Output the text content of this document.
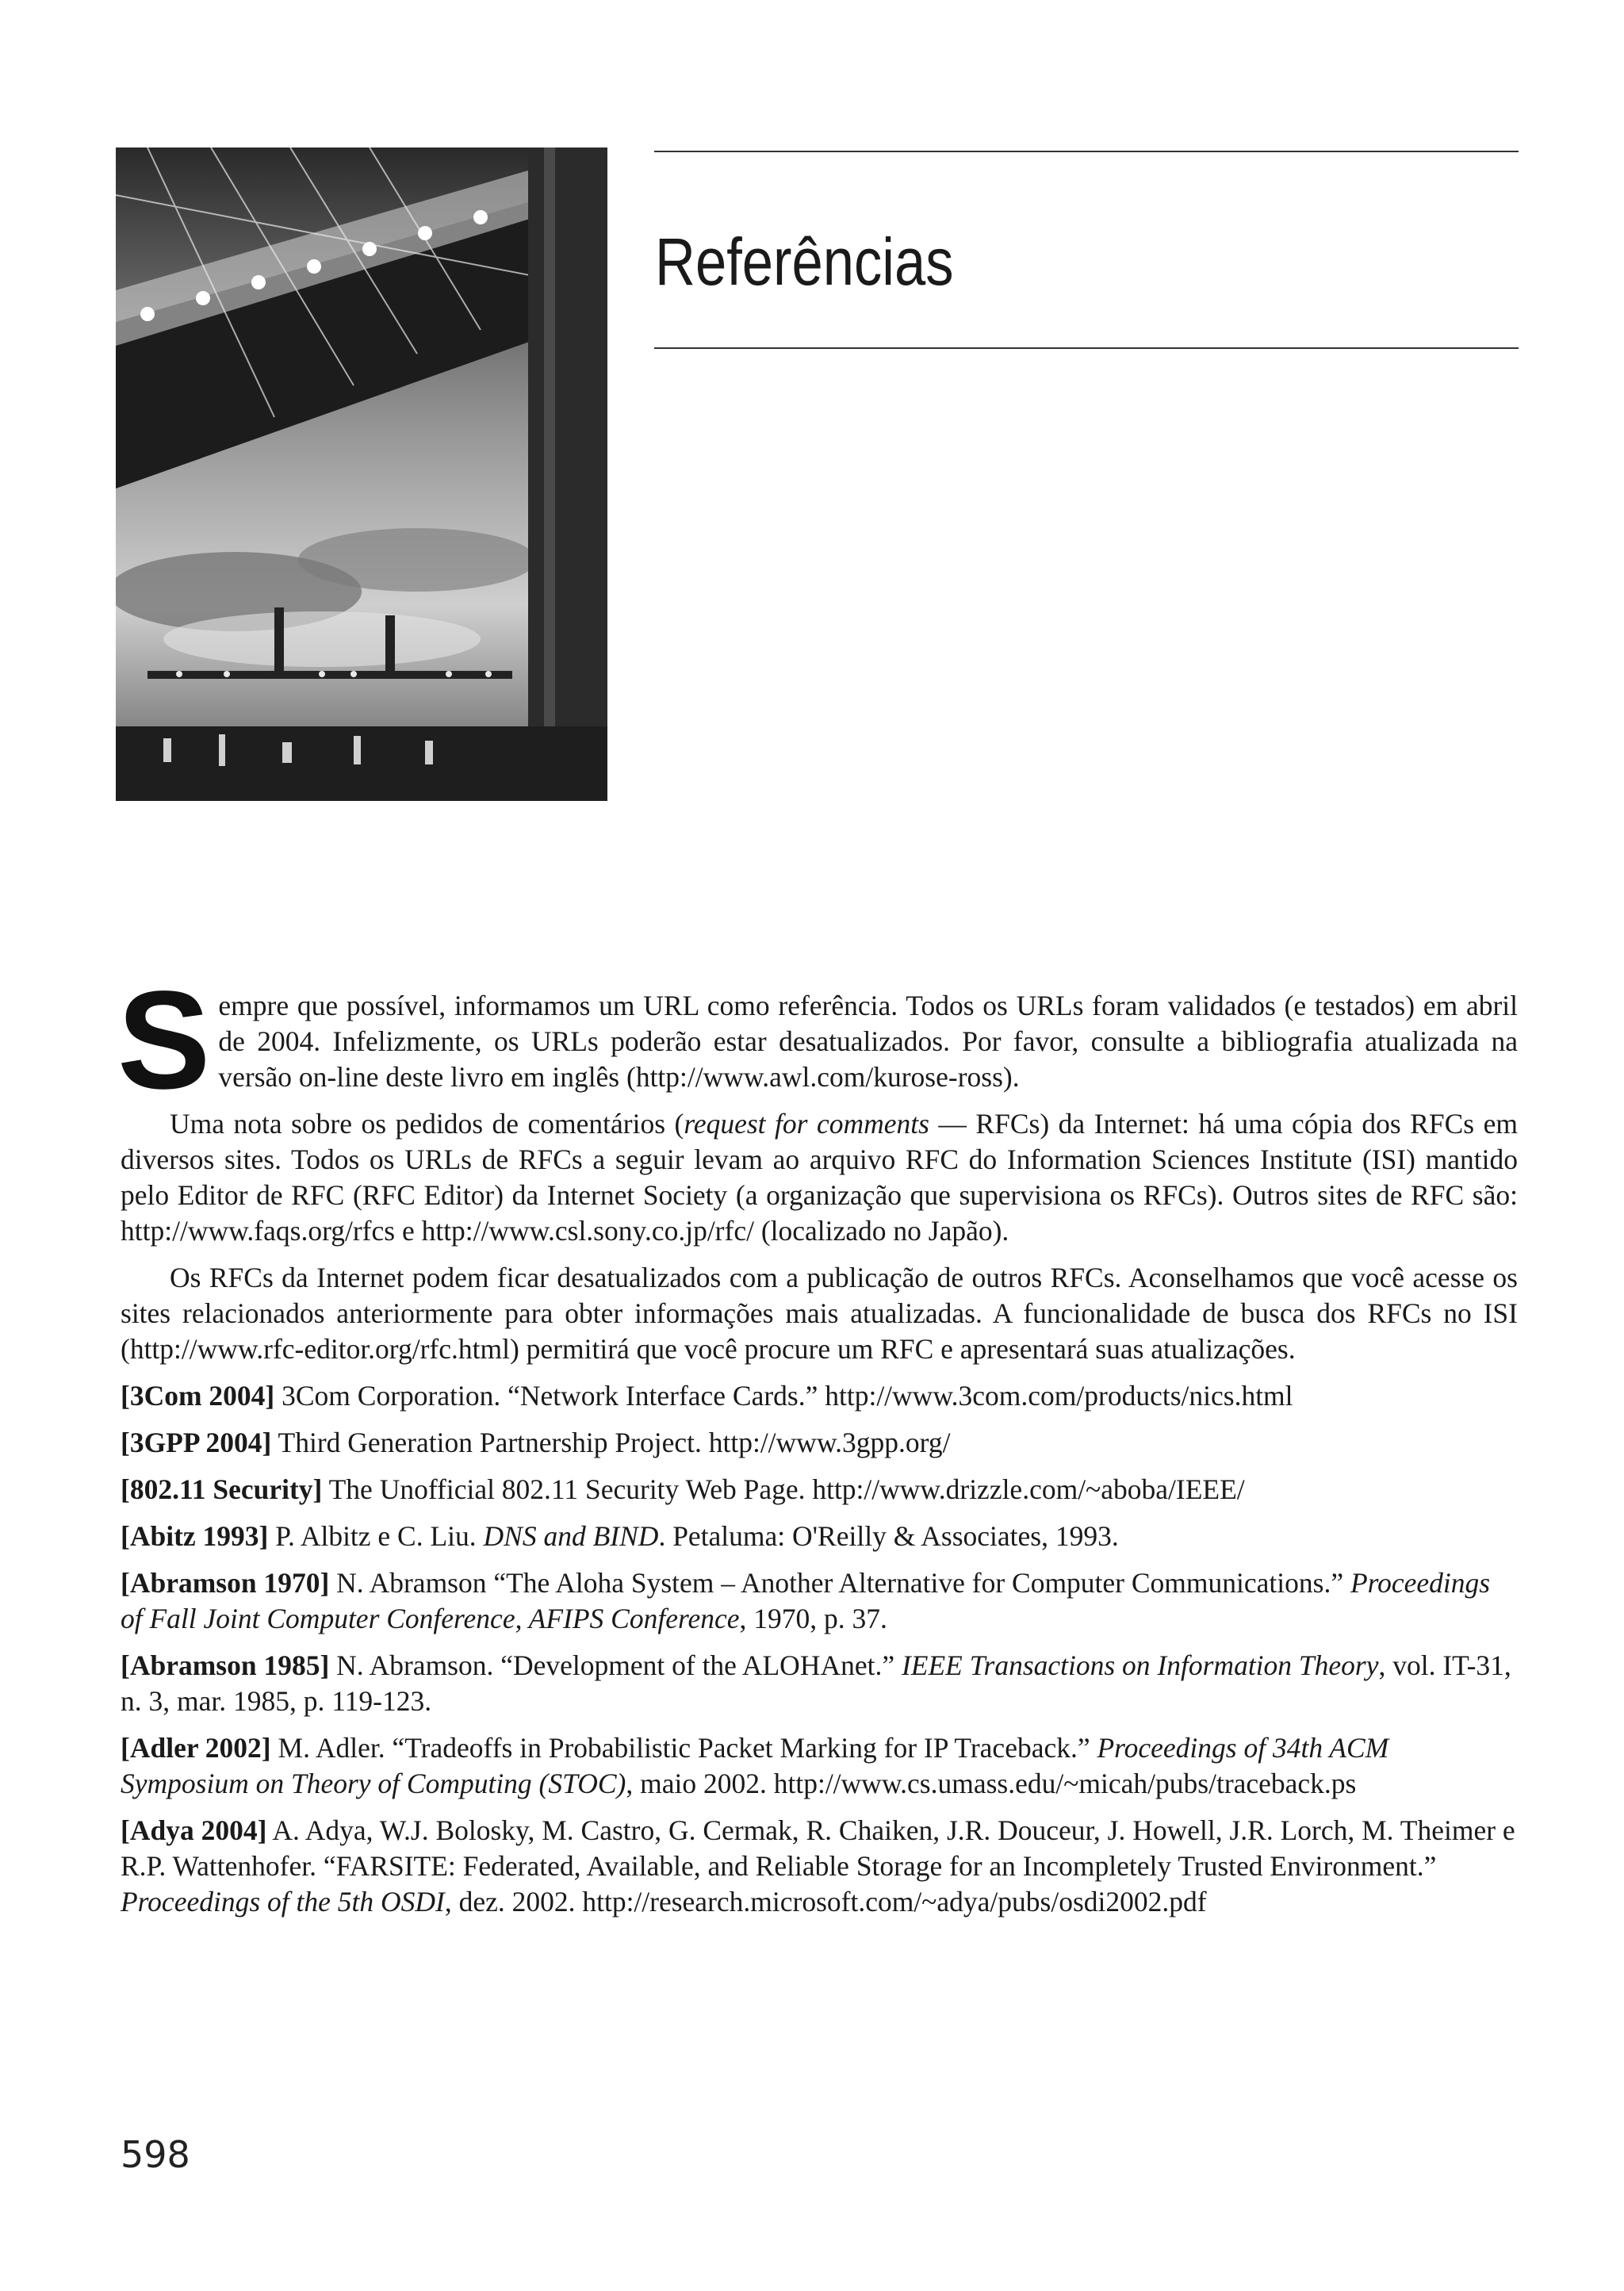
Referências

Sempre que possível, informamos um URL como referência. Todos os URLs foram validados (e testados) em abril de 2004. Infelizmente, os URLs poderão estar desatualizados. Por favor, consulte a bibliografia atualizada na versão on-line deste livro em inglês (http://www.awl.com/kurose-ross).

Uma nota sobre os pedidos de comentários (request for comments — RFCs) da Internet: há uma cópia dos RFCs em diversos sites. Todos os URLs de RFCs a seguir levam ao arquivo RFC do Information Sciences Institute (ISI) mantido pelo Editor de RFC (RFC Editor) da Internet Society (a organização que supervisiona os RFCs). Outros sites de RFC são: http://www.faqs.org/rfcs e http://www.csl.sony.co.jp/rfc/ (localizado no Japão).

Os RFCs da Internet podem ficar desatualizados com a publicação de outros RFCs. Aconselhamos que você acesse os sites relacionados anteriormente para obter informações mais atualizadas. A funcionalidade de busca dos RFCs no ISI (http://www.rfc-editor.org/rfc.html) permitirá que você procure um RFC e apresentará suas atualizações.

[3Com 2004] 3Com Corporation. “Network Interface Cards.” http://www.3com.com/products/nics.html

[3GPP 2004] Third Generation Partnership Project. http://www.3gpp.org/

[802.11 Security] The Unofficial 802.11 Security Web Page. http://www.drizzle.com/~aboba/IEEE/

[Abitz 1993] P. Albitz e C. Liu. DNS and BIND. Petaluma: O'Reilly & Associates, 1993.

[Abramson 1970] N. Abramson “The Aloha System – Another Alternative for Computer Communications.” Proceedings of Fall Joint Computer Conference, AFIPS Conference, 1970, p. 37.

[Abramson 1985] N. Abramson. “Development of the ALOHAnet.” IEEE Transactions on Information Theory, vol. IT-31, n. 3, mar. 1985, p. 119-123.

[Adler 2002] M. Adler. “Tradeoffs in Probabilistic Packet Marking for IP Traceback.” Proceedings of 34th ACM Symposium on Theory of Computing (STOC), maio 2002. http://www.cs.umass.edu/~micah/pubs/traceback.ps

[Adya 2004] A. Adya, W.J. Bolosky, M. Castro, G. Cermak, R. Chaiken, J.R. Douceur, J. Howell, J.R. Lorch, M. Theimer e R.P. Wattenhofer. “FARSITE: Federated, Available, and Reliable Storage for an Incompletely Trusted Environment.” Proceedings of the 5th OSDI, dez. 2002. http://research.microsoft.com/~adya/pubs/osdi2002.pdf

598
